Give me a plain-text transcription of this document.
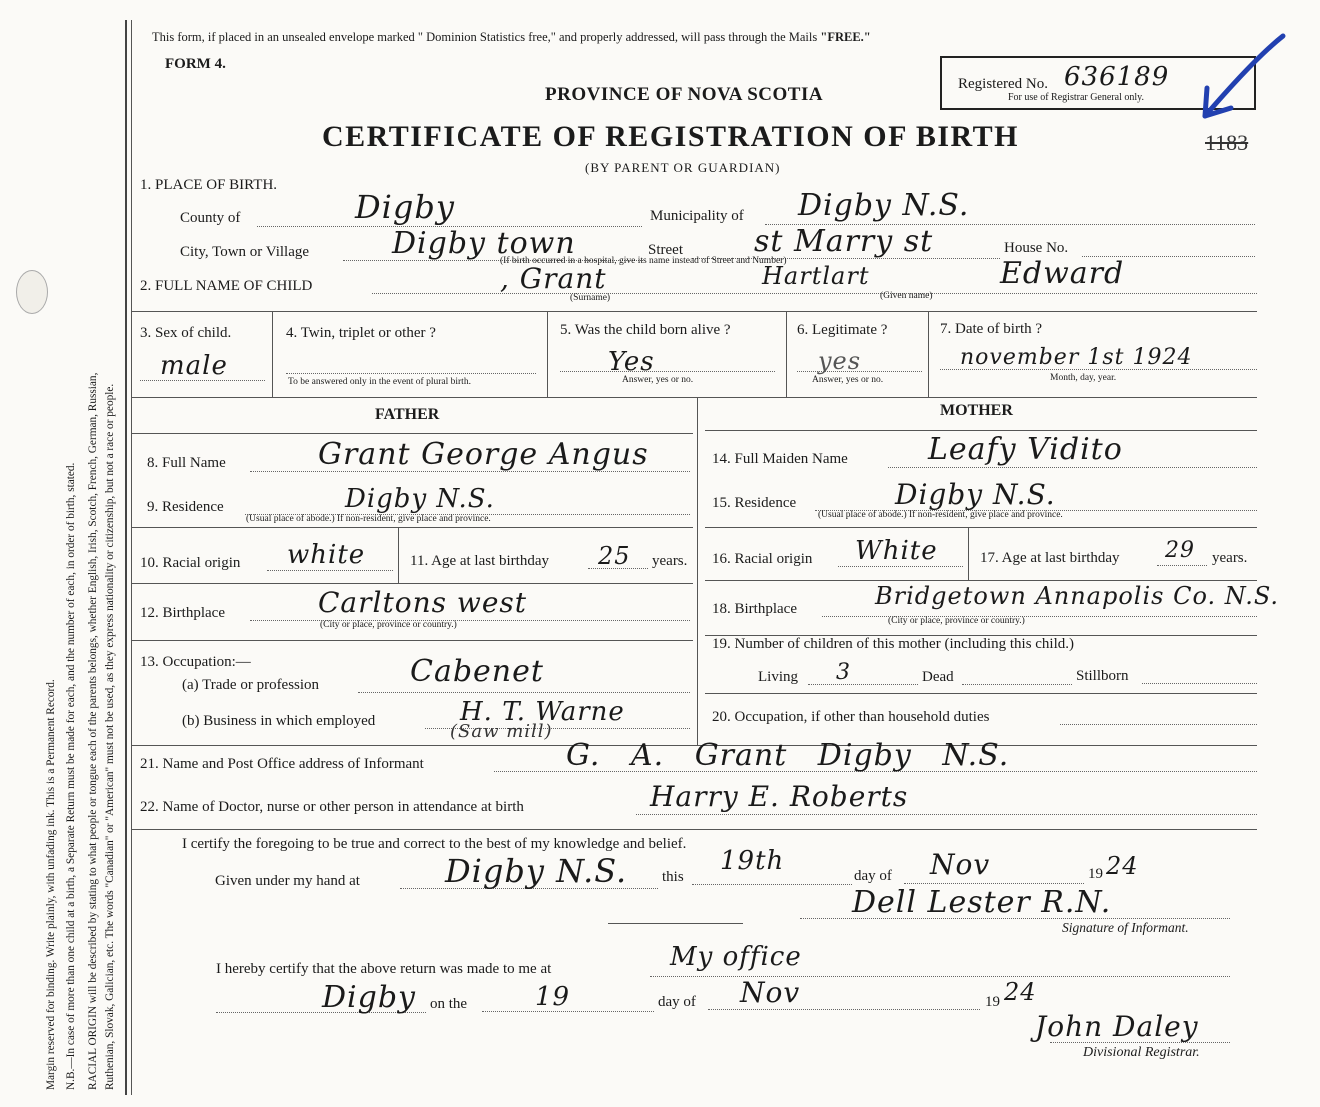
Margin reserved for binding. Write plainly, with unfading ink. This is a Permanent Record. N.B.—In case of more than one child at a birth, a Separate Return must be made for each, and the number of each, in order of birth, stated. RACIAL ORIGIN will be described by stating to what people or tongue each of the parents belongs, whether English, Irish, Scotch, French, German, Russian, Ruthenian, Slovak, Galician, etc. The words "Canadian" or "American" must not be used, as they express nationality or citizenship, but not a race or people.
This form, if placed in an unsealed envelope marked " Dominion Statistics free," and properly addressed, will pass through the Mails "FREE."
FORM 4.
PROVINCE OF NOVA SCOTIA
CERTIFICATE OF REGISTRATION OF BIRTH
(BY PARENT OR GUARDIAN)
Registered No. 636189
For use of Registrar General only.
1183
1. PLACE OF BIRTH.
County of	Digby	Municipality of Digby N.S.
City, Town or Village	Digby town	Street st Marry st	House No.
(If birth occurred in a hospital, give its name instead of Street and Number)
2. FULL NAME OF CHILD	, Grant
(Surname)
Hartlart
(Given name)
Edward
3. Sex of child.
male
4. Twin, triplet or other ?
To be answered only in the event of plural birth.
5. Was the child born alive ?
Yes
Answer, yes or no.
6. Legitimate ?
yes
Answer, yes or no.
7. Date of birth ?
november 1st 1924
Month, day, year.
FATHER
8. Full Name	Grant George Angus
9. Residence	Digby N.S.
(Usual place of abode.) If non-resident, give place and province.
10. Racial origin white	11. Age at last birthday 25 years.
12. Birthplace	Carltons west
(City or place, province or country.)
13. Occupation:—
(a) Trade or profession	Cabenet
(b) Business in which employed	H. T. Warne
(Saw mill)
MOTHER
14. Full Maiden Name	Leafy Vidito
15. Residence	Digby N.S.
(Usual place of abode.) If non-resident, give place and province.
16. Racial origin White	17. Age at last birthday 29 years.
18. Birthplace	Bridgetown Annapolis Co. N.S.
(City or place, province or country.)
19. Number of children of this mother (including this child.)
Living 3	Dead	Stillborn
20. Occupation, if other than household duties
21. Name and Post Office address of Informant	G. A. Grant Digby N.S.
22. Name of Doctor, nurse or other person in attendance at birth	Harry E. Roberts
I certify the foregoing to be true and correct to the best of my knowledge and belief.
Given under my hand at	Digby N.S. this
19th	day of Nov	19 24
Dell Lester R.N.
Signature of Informant.
I hereby certify that the above return was made to me at	My office
Digby on the	19	day of Nov	19 24
John Daley
Divisional Registrar.
